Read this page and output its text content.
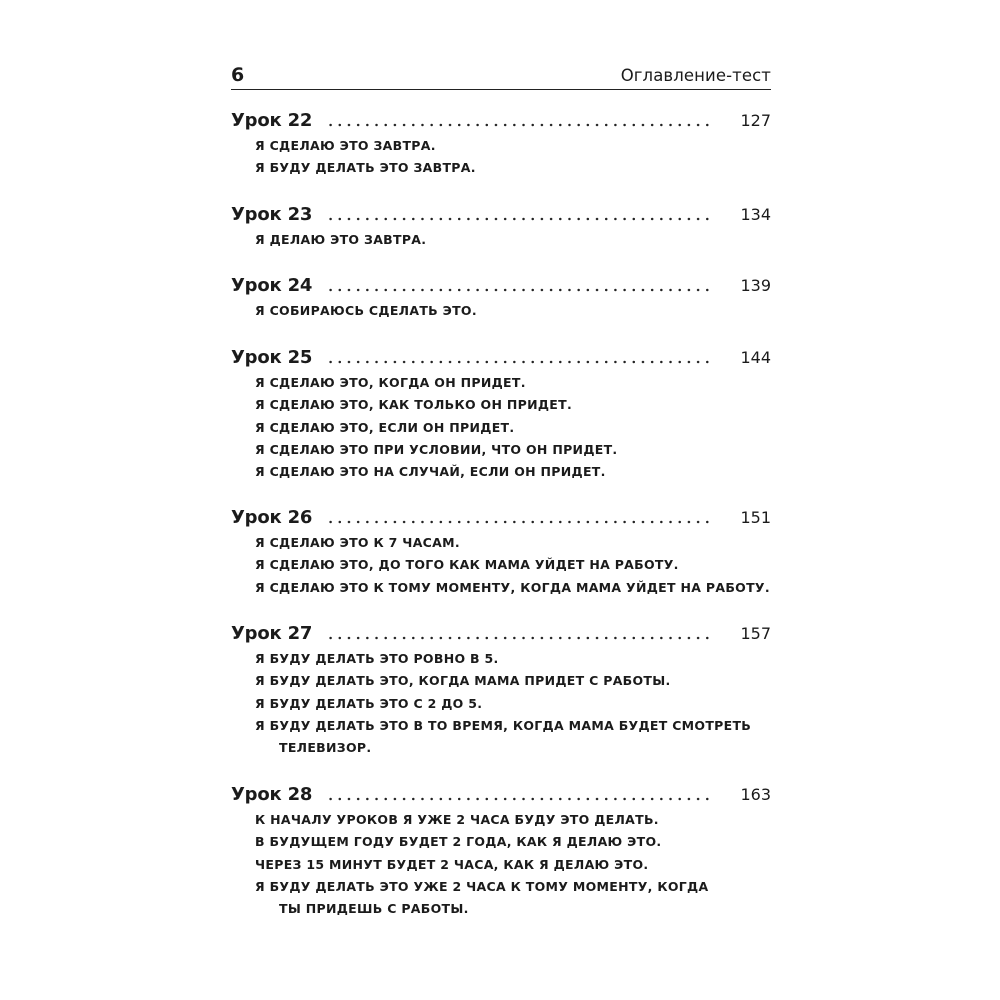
6	Оглавление-тест
Урок 22	127
Я СДЕЛАЮ ЭТО ЗАВТРА.
Я БУДУ ДЕЛАТЬ ЭТО ЗАВТРА.
Урок 23	134
Я ДЕЛАЮ ЭТО ЗАВТРА.
Урок 24	139
Я СОБИРАЮСЬ СДЕЛАТЬ ЭТО.
Урок 25	144
Я СДЕЛАЮ ЭТО, КОГДА ОН ПРИДЕТ.
Я СДЕЛАЮ ЭТО, КАК ТОЛЬКО ОН ПРИДЕТ.
Я СДЕЛАЮ ЭТО, ЕСЛИ ОН ПРИДЕТ.
Я СДЕЛАЮ ЭТО ПРИ УСЛОВИИ, ЧТО ОН ПРИДЕТ.
Я СДЕЛАЮ ЭТО НА СЛУЧАЙ, ЕСЛИ ОН ПРИДЕТ.
Урок 26	151
Я СДЕЛАЮ ЭТО К 7 ЧАСАМ.
Я СДЕЛАЮ ЭТО, ДО ТОГО КАК МАМА УЙДЕТ НА РАБОТУ.
Я СДЕЛАЮ ЭТО К ТОМУ МОМЕНТУ, КОГДА МАМА УЙДЕТ НА РАБОТУ.
Урок 27	157
Я БУДУ ДЕЛАТЬ ЭТО РОВНО В 5.
Я БУДУ ДЕЛАТЬ ЭТО, КОГДА МАМА ПРИДЕТ С РАБОТЫ.
Я БУДУ ДЕЛАТЬ ЭТО С 2 ДО 5.
Я БУДУ ДЕЛАТЬ ЭТО В ТО ВРЕМЯ, КОГДА МАМА БУДЕТ СМОТРЕТЬ
ТЕЛЕВИЗОР.
Урок 28	163
К НАЧАЛУ УРОКОВ Я УЖЕ 2 ЧАСА БУДУ ЭТО ДЕЛАТЬ.
В БУДУЩЕМ ГОДУ БУДЕТ 2 ГОДА, КАК Я ДЕЛАЮ ЭТО.
ЧЕРЕЗ 15 МИНУТ БУДЕТ 2 ЧАСА, КАК Я ДЕЛАЮ ЭТО.
Я БУДУ ДЕЛАТЬ ЭТО УЖЕ 2 ЧАСА К ТОМУ МОМЕНТУ, КОГДА
ТЫ ПРИДЕШЬ С РАБОТЫ.
